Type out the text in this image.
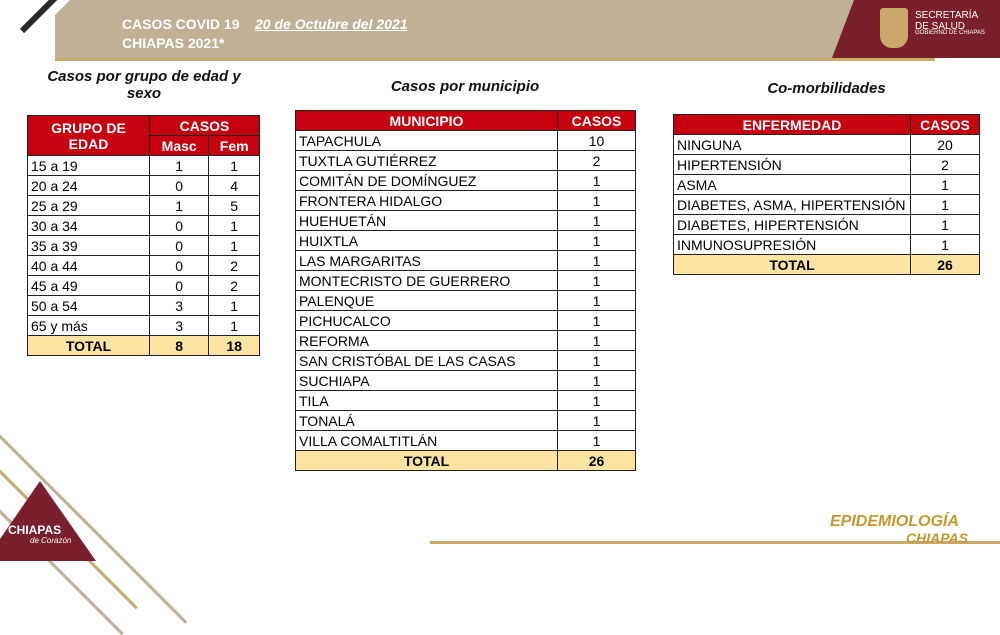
CASOS COVID 19 20 de Octubre del 2021
CHIAPAS 2021*
SECRETARÍA
DE SALUD
GOBIERNO DE CHIAPAS
Casos por grupo de edad y sexo
GRUPO DE EDAD	CASOS	
	Masc	Fem
15 a 19	1	1
20 a 24	0	4
25 a 29	1	5
30 a 34	0	1
35 a 39	0	1
40 a 44	0	2
45 a 49	0	2
50 a 54	3	1
65 y más	3	1
TOTAL	8	18
Casos por municipio
MUNICIPIO	CASOS
TAPACHULA	10
TUXTLA GUTIÉRREZ	2
COMITÁN DE DOMÍNGUEZ	1
FRONTERA HIDALGO	1
HUEHUETÁN	1
HUIXTLA	1
LAS MARGARITAS	1
MONTECRISTO DE GUERRERO	1
PALENQUE	1
PICHUCALCO	1
REFORMA	1
SAN CRISTÓBAL DE LAS CASAS	1
SUCHIAPA	1
TILA	1
TONALÁ	1
VILLA COMALTITLÁN	1
TOTAL	26
Co-morbilidades
ENFERMEDAD	CASOS
NINGUNA	20
HIPERTENSIÓN	2
ASMA	1
DIABETES, ASMA, HIPERTENSIÓN	1
DIABETES, HIPERTENSIÓN	1
INMUNOSUPRESIÓN	1
TOTAL	26
CHIAPAS
de Corazón
EPIDEMIOLOGÍA
CHIAPAS
